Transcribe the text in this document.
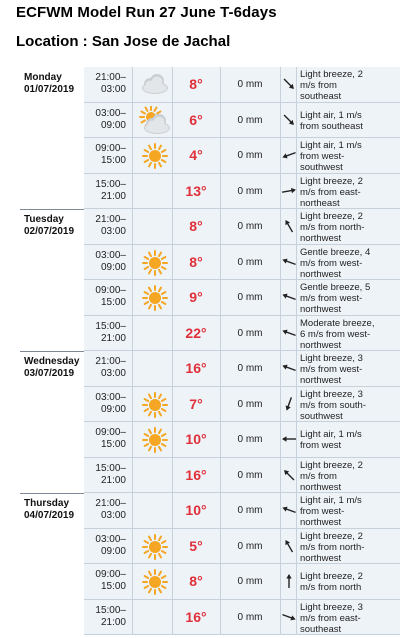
ECFWM Model Run 27 June T-6days
Location : San Jose de Jachal
Monday
01/07/2019
21:00–
03:00	8°	0 mm
Light breeze, 2
m/s from
southeast
03:00–
09:00	6°	0 mm	Light air, 1 m/s
from southeast
09:00–
15:00	4°	0 mm
Light air, 1 m/s
from west-
southwest
15:00–
21:00	13°	0 mm
Light breeze, 2
m/s from east-
northeast
Tuesday
02/07/2019
21:00–
03:00	8°	0 mm
Light breeze, 2
m/s from north-
northwest
03:00–
09:00	8°	0 mm
Gentle breeze, 4
m/s from west-
northwest
09:00–
15:00	9°	0 mm
Gentle breeze, 5
m/s from west-
northwest
15:00–
21:00	22°	0 mm
Moderate breeze,
6 m/s from west-
northwest
Wednesday
03/07/2019
21:00–
03:00	16°	0 mm
Light breeze, 3
m/s from west-
northwest
03:00–
09:00	7°	0 mm
Light breeze, 3
m/s from south-
southwest
09:00–
15:00	10°	0 mm	Light air, 1 m/s
from west
15:00–
21:00	16°	0 mm
Light breeze, 2
m/s from
northwest
Thursday
04/07/2019
21:00–
03:00	10°	0 mm
Light air, 1 m/s
from west-
northwest
03:00–
09:00	5°	0 mm
Light breeze, 2
m/s from north-
northwest
09:00–
15:00	8°	0 mm	Light breeze, 2
m/s from north
15:00–
21:00	16°	0 mm
Light breeze, 3
m/s from east-
southeast
